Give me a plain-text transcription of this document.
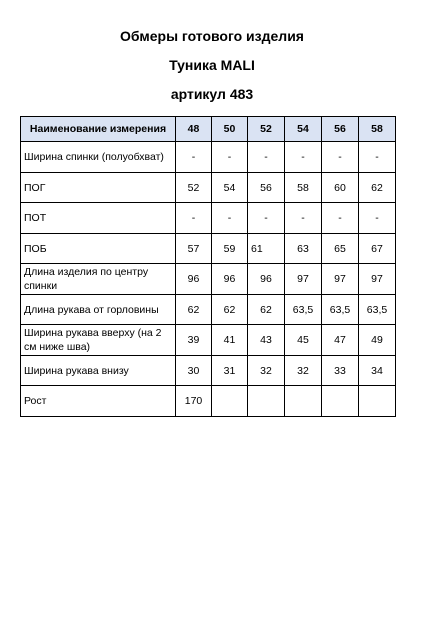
Обмеры готового изделия
Туника MALI
артикул 483
Наименование измерения	48	50	52	54	56	58
Ширина спинки (полуобхват)	-	-	-	-	-	-
ПОГ	52	54	56	58	60	62
ПОТ	-	-	-	-	-	-
ПОБ	57	59	61	63	65	67
Длина изделия по центру спинки	96	96	96	97	97	97
Длина рукава от горловины	62	62	62	63,5	63,5	63,5
Ширина рукава вверху (на 2 см ниже шва)	39	41	43	45	47	49
Ширина рукава внизу	30	31	32	32	33	34
Рост	170					
